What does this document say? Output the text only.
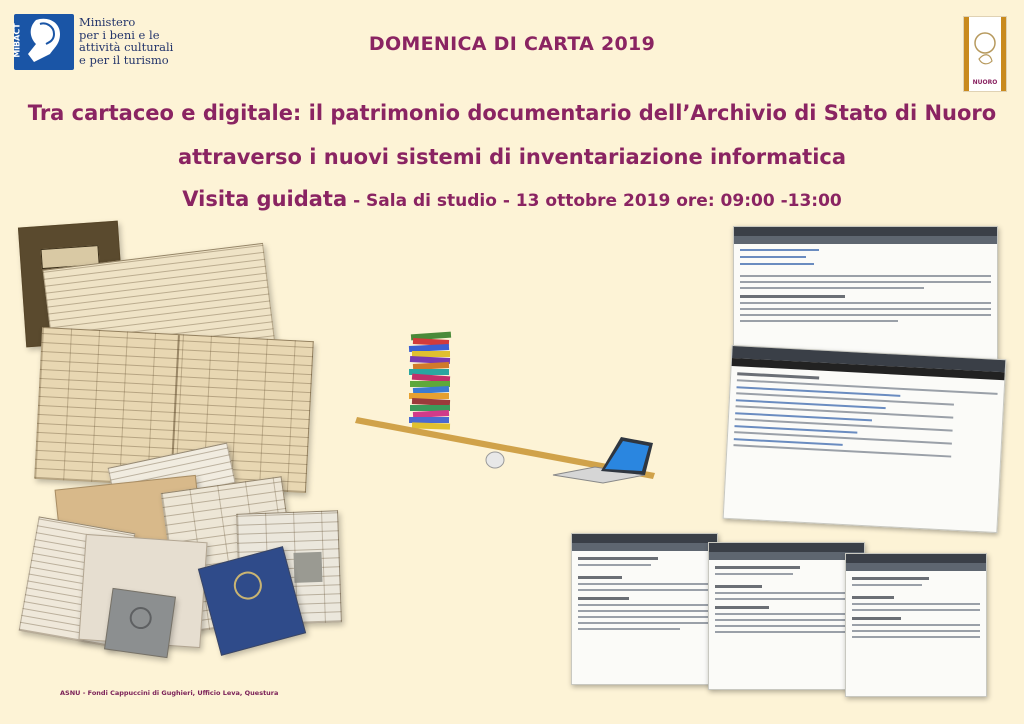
MiBACT
Ministero
per i beni e le
attività culturali
e per il turismo
DOMENICA DI CARTA 2019
NUORO
Tra cartaceo e digitale: il patrimonio documentario dell’Archivio di Stato di Nuoro
attraverso i nuovi sistemi di inventariazione informatica
Visita guidata - Sala di studio - 13 ottobre 2019 ore: 09:00 -13:00
ASNU - Fondi Cappuccini di Gughieri, Ufficio Leva, Questura
